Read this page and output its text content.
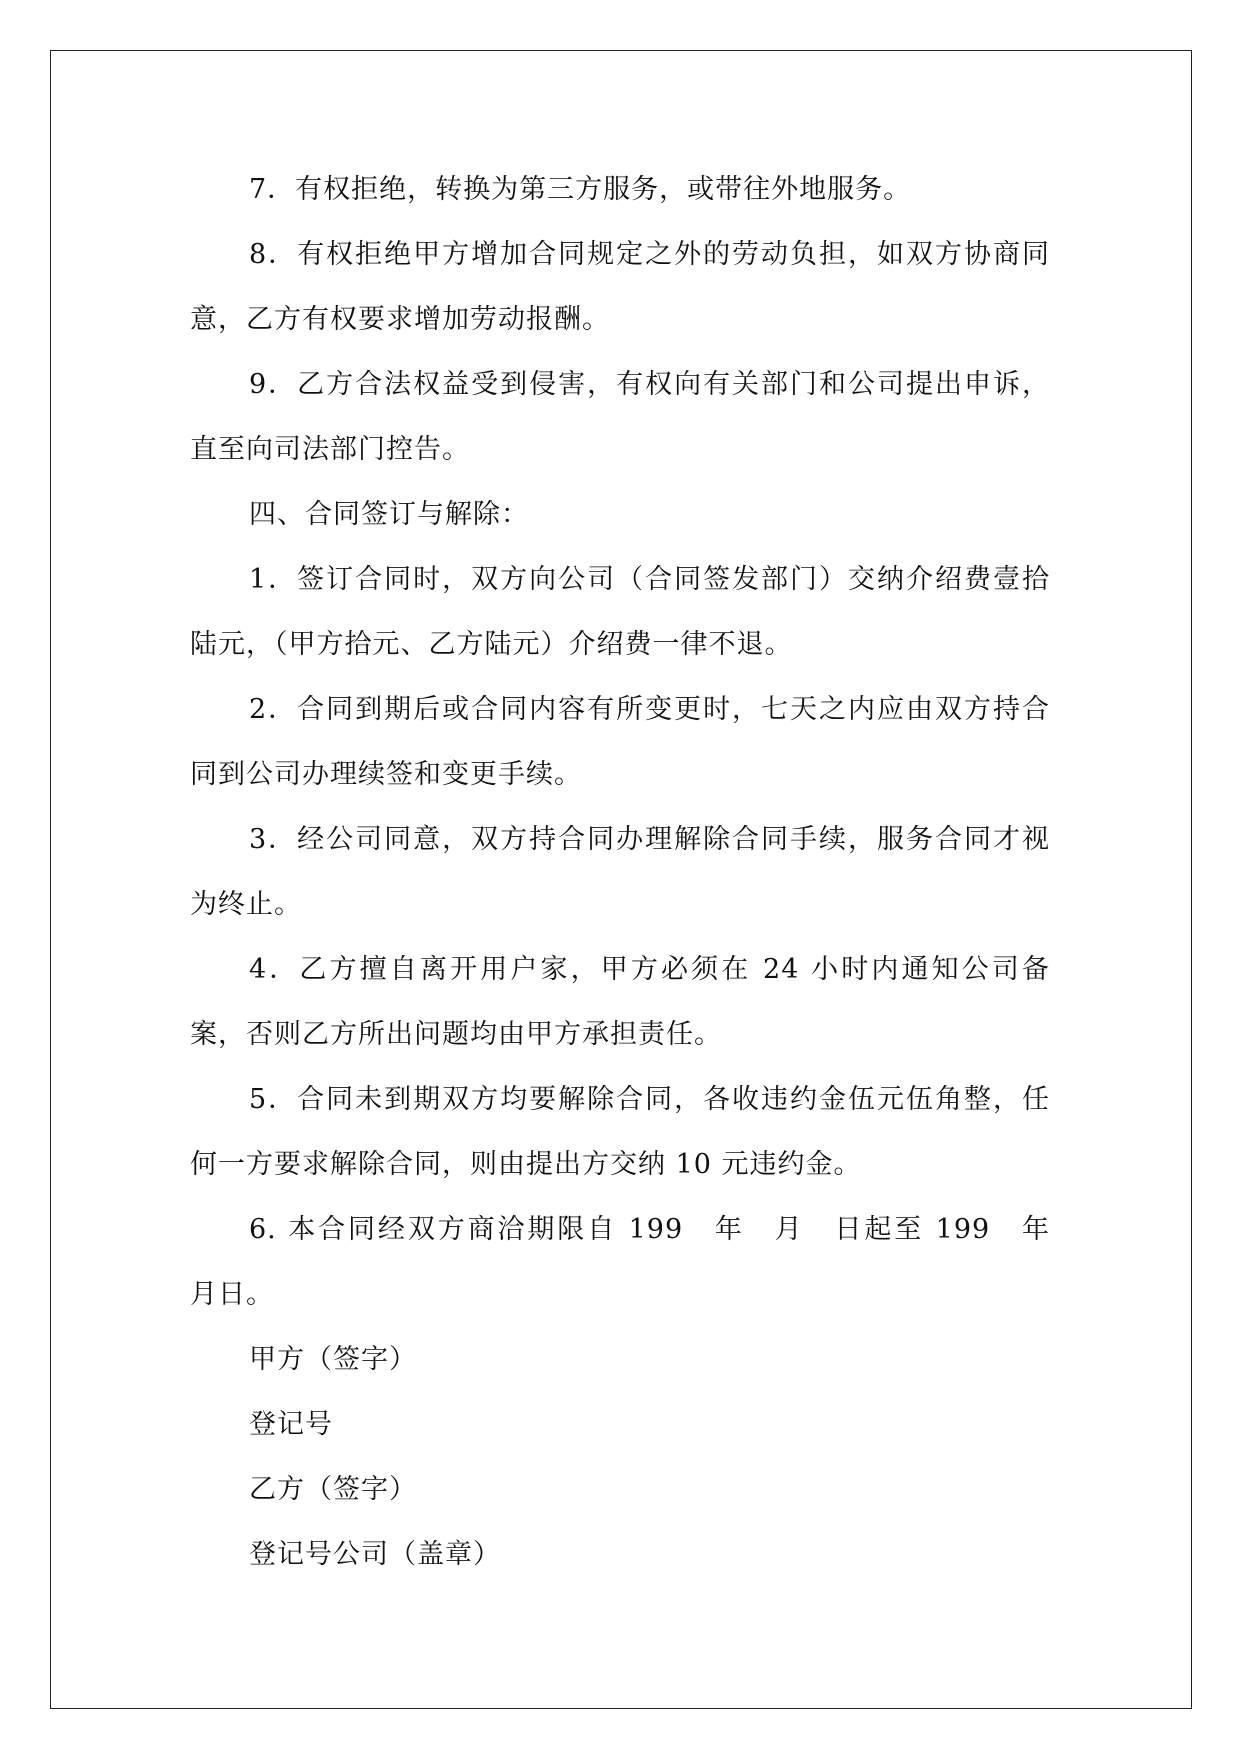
7．有权拒绝，转换为第三方服务，或带往外地服务。

8．有权拒绝甲方增加合同规定之外的劳动负担，如双方协商同意，乙方有权要求增加劳动报酬。

9．乙方合法权益受到侵害，有权向有关部门和公司提出申诉，直至向司法部门控告。

四、合同签订与解除：

1．签订合同时，双方向公司（合同签发部门）交纳介绍费壹拾陆元，（甲方拾元、乙方陆元）介绍费一律不退。

2．合同到期后或合同内容有所变更时，七天之内应由双方持合同到公司办理续签和变更手续。

3．经公司同意，双方持合同办理解除合同手续，服务合同才视为终止。

4．乙方擅自离开用户家，甲方必须在 24 小时内通知公司备案，否则乙方所出问题均由甲方承担责任。

5．合同未到期双方均要解除合同，各收违约金伍元伍角整，任何一方要求解除合同，则由提出方交纳 10 元违约金。

6. 本合同经双方商洽期限自 199　年　月　日起至 199　年　月日。

甲方（签字）

登记号

乙方（签字）

登记号公司（盖章）
